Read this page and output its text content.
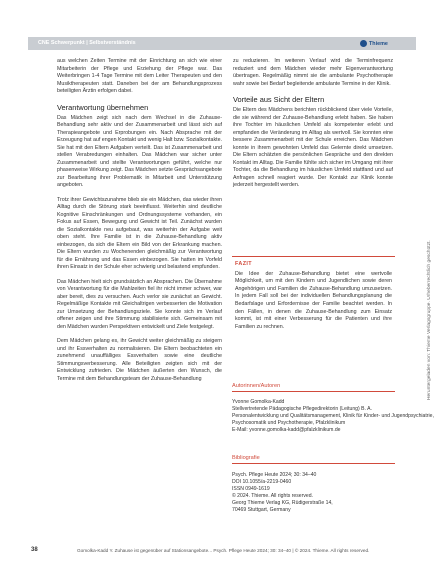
CNE Schwerpunkt | Selbstverständnis	Thieme

aus welchen Zeiten Termine mit der Einrichtung an sich wie einer Mitarbeiterin der Pflege und Erziehung der Pflege war. Das Weiterbringen 1-4 Tage Termine mit dem Leiter Therapeuten und den Musiktherapeuten statt. Daneben bei der am Behandlungsprozess beteiligten Ärztin erfolgen dabei.

Verantwortung übernehmen

Das Mädchen zeigt sich nach dem Wechsel in die Zuhause-Behandlung sehr aktiv und der Zusammenarbeit und lässt sich auf Therapieangebote und Erprobungen ein. Nach Absprache mit der Erzeugung hat auf engen Kontakt und wenig Halt bzw. Sozialkontakte. Sie hat mit den Eltern Aufgaben verteilt. Das ist Zusammenarbeit und stellen Verabredungen einhalten. Das Mädchen war sicher unter Zusammenarbeit und stellte Verantwortungen geführt, welche nur phasenweise Wirkung zeigt. Das Mädchen setzte Gesprächsangebote zur Bearbeitung ihrer Problematik in Mitarbeit und Unterstützung angeboten.

Trotz ihrer Gewichtszunahme blieb sie ein Mädchen, das wieder ihren Alltag durch die Störung stark beeinflusst. Weiterhin sind deutliche Kognitive Einschränkungen und Ordnungssysteme vorhanden, ein Fokus auf Essen, Bewegung und Gewicht ist Teil. Zunächst wurden die Sozialkontakte neu aufgebaut, was weiterhin der Aufgabe weit oben steht. Ihre Familie ist in die Zuhause-Behandlung aktiv einbezogen, da sich die Eltern ein Bild von der Erkrankung machen. Die Eltern wurden zu Wochenenden gleichmäßig zur Verantwortung für die Ernährung und das Essen einbezogen. Sie hatten im Vorfeld ihren Einsatz in der Schule eher schwierig und belastend empfunden.

Das Mädchen hielt sich grundsätzlich an Absprachen. Die Übernahme von Verantwortung für die Mahlzeiten fiel ihr nicht immer schwer, war aber bereit, dies zu versuchen. Auch verlor sie zunächst an Gewicht. Regelmäßige Kontakte mit Gleichaltrigen verbesserten die Motivation zur Umsetzung der Behandlungsziele. Sie konnte sich im Verlauf offener zeigen und ihre Stimmung stabilisierte sich. Gemeinsam mit den Mädchen wurden Perspektiven entwickelt und Ziele festgelegt.

Dem Mädchen gelang es, ihr Gewicht weiter gleichmäßig zu steigern und ihr Essverhalten zu normalisieren. Die Eltern beobachteten ein zunehmend unauffälliges Essverhalten sowie eine deutliche Stimmungsverbesserung. Alle Beteiligten zeigten sich mit der Entwicklung zufrieden. Die Mädchen äußerten den Wunsch, die Termine mit dem Behandlungsteam der Zuhause-Behandlung

zu reduzieren. Im weiteren Verlauf wird die Terminfrequenz reduziert und dem Mädchen wieder mehr Eigenverantwortung übertragen. Regelmäßig nimmt sie die ambulante Psychotherapie wahr sowie bei Bedarf begleitende ambulante Termine in der Klinik.

Vorteile aus Sicht der Eltern

Die Eltern des Mädchens berichten rückblickend über viele Vorteile, die sie während der Zuhause-Behandlung erlebt haben. Sie haben ihre Tochter im häuslichen Umfeld als kompetenter erlebt und empfanden die Veränderung im Alltag als wertvoll. Sie konnten eine bessere Zusammenarbeit mit der Schule erreichen. Das Mädchen konnte in ihrem gewohnten Umfeld das Gelernte direkt umsetzen. Die Eltern schätzten die persönlichen Gespräche und den direkten Kontakt im Alltag. Die Familie fühlte sich sicher im Umgang mit ihrer Tochter, da die Behandlung im häuslichen Umfeld stattfand und auf Anfragen schnell reagiert wurde. Der Kontakt zur Klinik konnte jederzeit hergestellt werden.

FAZIT
Die Idee der Zuhause-Behandlung bietet eine wertvolle Möglichkeit, um mit den Kindern und Jugendlichen sowie deren Angehörigen und Familien die Zuhause-Behandlung umzusetzen. In jedem Fall soll bei der individuellen Behandlungsplanung die Bedarfslage und Erfordernisse der Familie beachtet werden. In den Fällen, in denen die Zuhause-Behandlung zum Einsatz kommt, ist mit einer Verbesserung für die Patienten und ihre Familien zu rechnen.
Autorinnen/Autoren
Yvonne Gomolka-Kadd
Stellvertretende Pädagogische Pflegedirektorin (Leitung) B. A.
Personalentwicklung und Qualitätsmanagement, Klinik für Kinder- und Jugendpsychiatrie,
Psychosomatik und Psychotherapie, Pfalzklinikum
E-Mail: yvonne.gomolka-kadd@pfalzklinikum.de
Bibliografie
Psych. Pflege Heute 2024; 30: 34–40
DOI 10.1055/a-2219-0460
ISSN 0949-1619
© 2024. Thieme. All rights reserved.
Georg Thieme Verlag KG, Rüdigerstraße 14,
70469 Stuttgart, Germany
38	Gomolka-Kadd Y. Zuhause ist gegenüber auf Stationsangebote... Psych. Pflege Heute 2024; 30: 34–40 | © 2024. Thieme. All rights reserved.
Heruntergeladen von: Thieme Verlagsgruppe. Urheberrechtlich geschützt.
